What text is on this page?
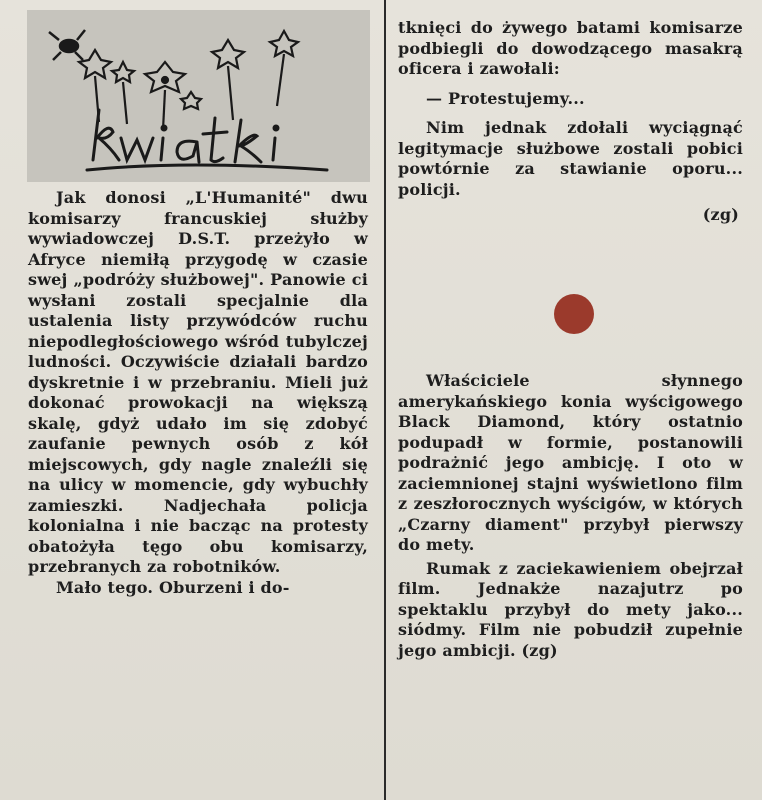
Jak donosi „L'Humanité" dwu komisarzy francuskiej służby wywiadowczej D.S.T. przeżyło w Afryce niemiłą przygodę w czasie swej „podróży służbowej". Panowie ci wysłani zostali specjalnie dla ustalenia listy przywódców ruchu niepodległościowego wśród tubylczej ludności. Oczywiście działali bardzo dyskretnie i w przebraniu. Mieli już dokonać prowokacji na większą skalę, gdyż udało im się zdobyć zaufanie pewnych osób z kół miejscowych, gdy nagle znaleźli się na ulicy w momencie, gdy wybuchły zamieszki. Nadjechała policja kolonialna i nie bacząc na protesty obatożyła tęgo obu komisarzy, przebranych za robotników.

Mało tego. Oburzeni i do-

tknięci do żywego batami komisarze podbiegli do dowodzącego masakrą oficera i zawołali:

— Protestujemy...

Nim jednak zdołali wyciągnąć legitymacje służbowe zostali pobici powtórnie za stawianie oporu... policji.

(zg)

Właściciele słynnego amerykańskiego konia wyścigowego Black Diamond, który ostatnio podupadł w formie, postanowili podrażnić jego ambicję. I oto w zaciemnionej stajni wyświetlono film z zeszłorocznych wyścigów, w których „Czarny diament" przybył pierwszy do mety.

Rumak z zaciekawieniem obejrzał film. Jednakże nazajutrz po spektaklu przybył do mety jako... siódmy. Film nie pobudził zupełnie jego ambicji. (zg)
